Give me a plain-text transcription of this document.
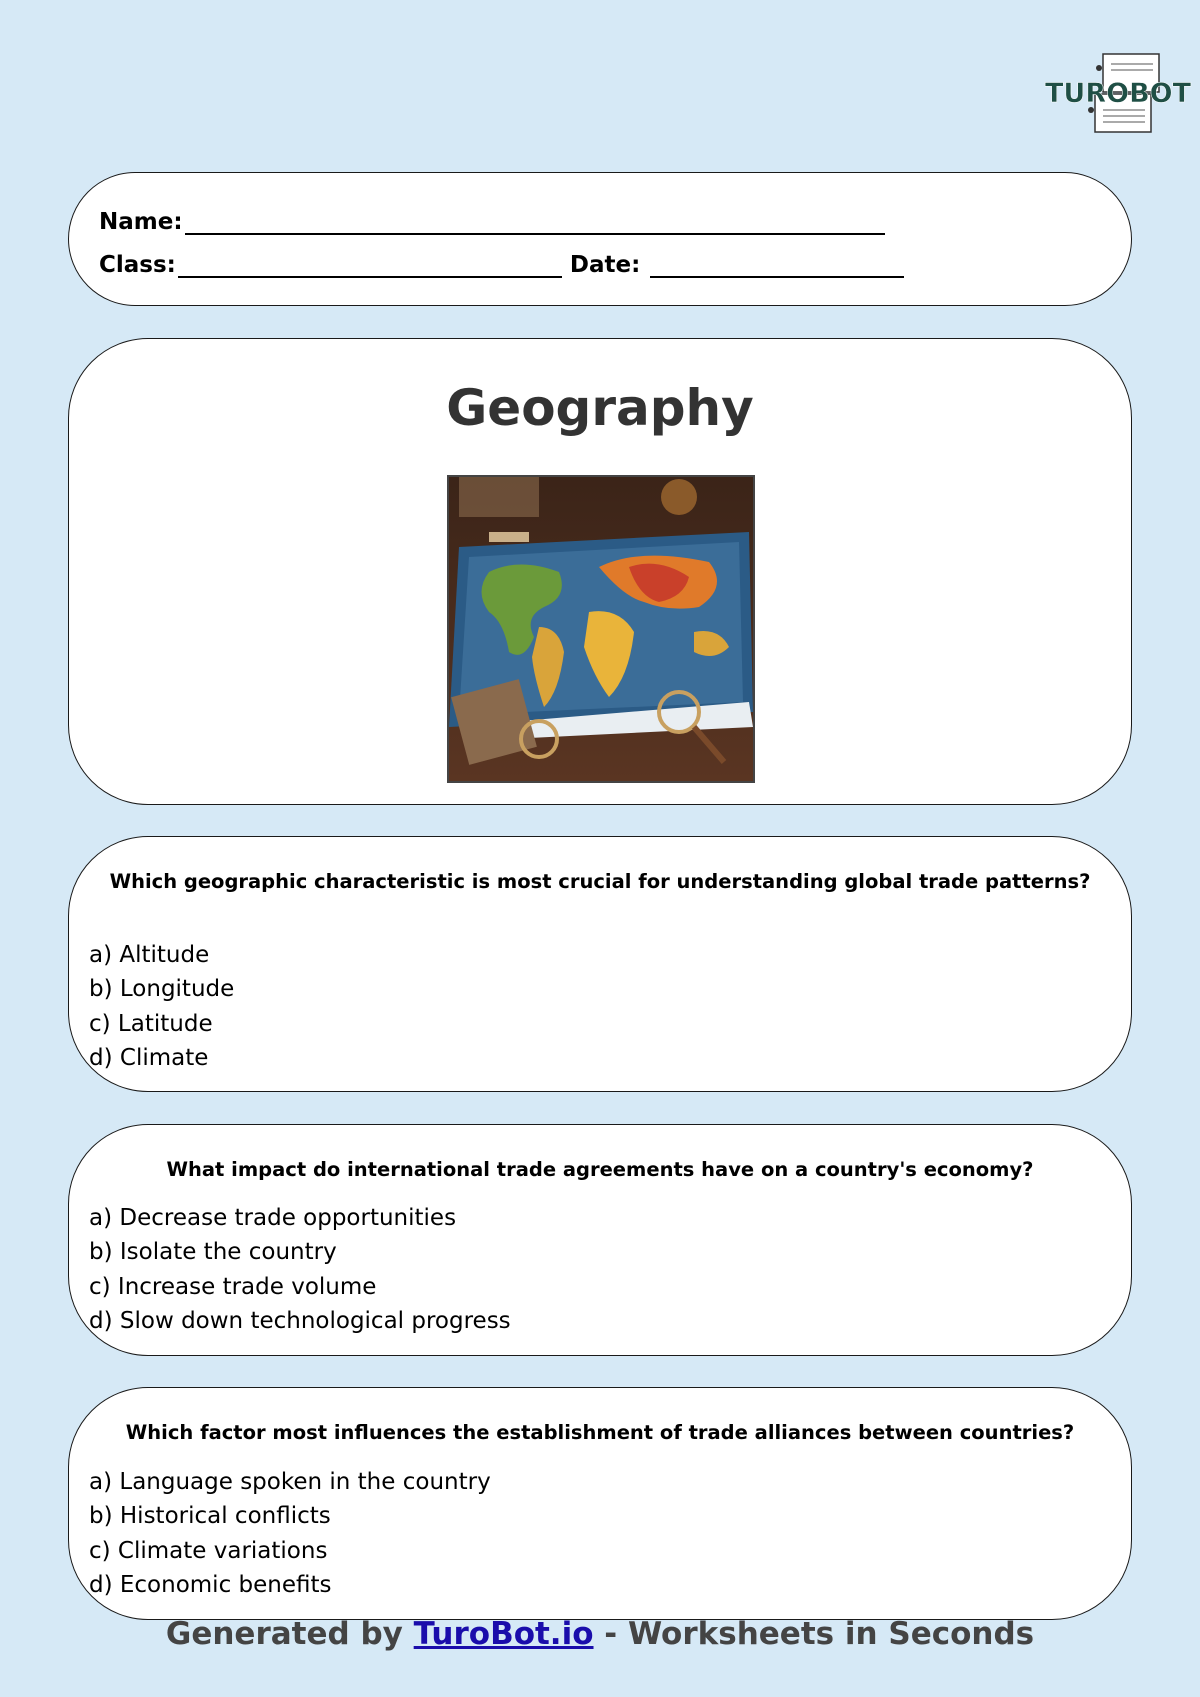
TUROBOT
Name:
Class:	Date:
Geography
Which geographic characteristic is most crucial for understanding global trade patterns?
a) Altitude
b) Longitude
c) Latitude
d) Climate
What impact do international trade agreements have on a country's economy?
a) Decrease trade opportunities
b) Isolate the country
c) Increase trade volume
d) Slow down technological progress
Which factor most influences the establishment of trade alliances between countries?
a) Language spoken in the country
b) Historical conflicts
c) Climate variations
d) Economic benefits
Generated by TuroBot.io - Worksheets in Seconds
